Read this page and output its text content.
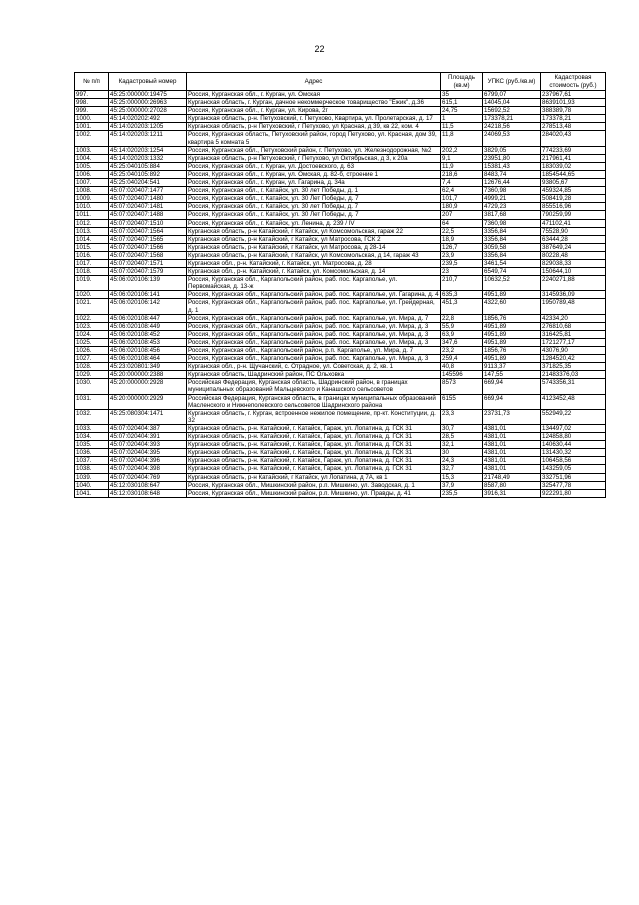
22
№ п/п	Кадастровый номер	Адрес	Площадь (кв.м)	УПКС (руб./кв.м)	Кадастровая стоимость (руб.)
997.	45:25:000000:19475	Россия, Курганская обл., г. Курган, ул. Омская	35	6799,07	237967,61
998.	45:25:000000:26963	Курганская область, г. Курган, дачное некоммерческое товарищество "Ежик", д.36	615,1	14045,04	8639101,93
999.	45:25:000000:27028	Россия, Курганская обл., г. Курган, ул. Кирова, 2г	24,75	15692,52	388389,78
1000.	45:14:020202:492	Курганская область, р-н. Петуховский, г. Петухово, Квартира, ул. Пролетарская, д. 17	1	173378,21	173378,21
1001.	45:14:020203:1205	Курганская область, р-н Петуховский, г Петухово, ул Красная, д 39, кв 22, ком. 4	11,5	24218,56	278513,48
1002.	45:14:020203:1211	Россия, Курганская область, Петуховский район, город Петухово, ул. Красная, дом 39, квартира 5 комната 5	11,8	24069,53	284020,43
1003.	45:14:020203:1254	Россия, Курганская обл., Петуховский район, г. Петухово, ул. Железнодорожная, №2	202,2	3829,05	774233,69
1004.	45:14:020203:1332	Курганская область, р-н Петуховский, г Петухово, ул Октябрьская, д 3, к 20а	9,1	23951,80	217961,41
1005.	45:25:040105:884	Россия, Курганская обл., г. Курган, ул. Достоевского, д. 63	11,9	15381,43	183039,02
1006.	45:25:040105:892	Россия, Курганская обл., г. Курган, ул. Омская, д. 82-б, строение 1	218,6	8483,74	1854544,65
1007.	45:25:040204:541	Россия, Курганская обл., г. Курган, ул. Гагарина, д. 34а	7,4	12676,44	93805,67
1008.	45:07:020407:1477	Россия, Курганская обл., г. Катайск, ул. 30 лет Победы, д. 1	62,4	7360,98	459324,85
1009.	45:07:020407:1480	Россия, Курганская обл., г. Катайск, ул. 30 Лет Победы, д. 7	101,7	4999,21	508419,28
1010.	45:07:020407:1481	Россия, Курганская обл., г. Катайск, ул. 30 лет Победы, д. 7	180,9	4729,23	855516,96
1011.	45:07:020407:1488	Россия, Курганская обл., г. Катайск, ул. 30 Лет Победы, д. 7	207	3817,68	790259,99
1012.	45:07:020407:1510	Россия, Курганская обл., г. Катайск, ул. Ленина, д. 239 / IV	64	7360,98	471102,41
1013.	45:07:020407:1564	Курганская область, р-н Катайский, г Катайск, ул Комсомольская, гараж 22	22,5	3356,84	75528,90
1014.	45:07:020407:1565	Курганская область, р-н Катайский, г Катайск, ул Матросова, ГСК 2	18,9	3356,84	63444,28
1015.	45:07:020407:1566	Курганская область, р-н Катайский, г Катайск, ул Матросова, д 28-14	126,7	3059,58	387649,24
1016.	45:07:020407:1568	Курганская область, р-н Катайский, г Катайск, ул Комсомольская, д 14, гараж 43	23,9	3356,84	80228,48
1017.	45:07:020407:1571	Курганская обл., р-н. Катайский, г. Катайск, ул. Матросова, д. 28	239,5	3461,54	829038,33
1018.	45:07:020407:1579	Курганская обл., р-н. Катайский, г. Катайск, ул. Комсомольская, д. 14	23	6549,74	150644,10
1019.	45:06:020106:139	Россия, Курганская обл., Каргапольский район, раб. пос. Каргаполье, ул. Первомайская, д. 13-ж	210,7	10632,52	2240271,88
1020.	45:06:020106:141	Россия, Курганская обл., Каргапольский район, раб. пос. Каргаполье, ул. Гагарина, д. 4	635,3	4951,89	3145936,09
1021.	45:06:020106:142	Россия, Курганская обл., Каргапольский район, раб. пос. Каргаполье, ул. Грейдерная, д. 1	451,3	4322,60	1950789,48
1022.	45:06:020108:447	Россия, Курганская обл., Каргапольский район, раб. пос. Каргаполье, ул. Мира, д. 7	22,8	1856,76	42334,20
1023.	45:06:020108:449	Россия, Курганская обл., Каргапольский район, раб. пос. Каргаполье, ул. Мира, д. 3	55,9	4951,89	276810,68
1024.	45:06:020108:452	Россия, Курганская обл., Каргапольский район, раб. пос. Каргаполье, ул. Мира, д. 3	63,9	4951,89	316425,81
1025.	45:06:020108:453	Россия, Курганская обл., Каргапольский район, раб. пос. Каргаполье, ул. Мира, д. 3	347,6	4951,89	1721277,17
1026.	45:06:020108:456	Россия, Курганская обл., Каргапольский район, р.п. Каргаполье, ул. Мира, д. 7	23,2	1856,76	43076,90
1027.	45:06:020108:464	Россия, Курганская обл., Каргапольский район, раб. пос. Каргаполье, ул. Мира, д. 3	259,4	4951,89	1284520,42
1028.	45:23:020801:349	Курганская обл., р-н. Щучанский, с. Отрадное, ул. Советская, д. 2, кв. 1	40,8	9113,37	371825,35
1029.	45:20:000000:2388	Курганская область, Шадринский район, ПС Ольховка	145596	147,55	21483376,03
1030.	45:20:000000:2928	Российская Федерация, Курганская область, Шадринский район, в границах муниципальных образований Мальцевского и Канашского сельсоветов	8573	669,94	5743356,31
1031.	45:20:000000:2929	Российская Федерация, Курганская область, в границах муниципальных образований Масленского и Нижнеполевского сельсоветов Шадринского района	6155	669,94	4123452,48
1032.	45:25:080304:1471	Курганская область, г. Курган, встроенное нежилое помещение, пр-кт. Конституции, д. 32	23,3	23731,73	552949,22
1033.	45:07:020404:387	Курганская область, р-н. Катайский, г. Катайск, Гараж, ул. Лопатина, д. ГСК 31	30,7	4381,01	134497,02
1034.	45:07:020404:391	Курганская область, р-н. Катайский, г. Катайск, Гараж, ул. Лопатина, д. ГСК 31	28,5	4381,01	124858,80
1035.	45:07:020404:393	Курганская область, р-н. Катайский, г. Катайск, Гараж, ул. Лопатина, д. ГСК 31	32,1	4381,01	140630,44
1036.	45:07:020404:395	Курганская область, р-н. Катайский, г. Катайск, Гараж, ул. Лопатина, д. ГСК 31	30	4381,01	131430,32
1037.	45:07:020404:396	Курганская область, р-н. Катайский, г. Катайск, Гараж, ул. Лопатина, д. ГСК 31	24,3	4381,01	106458,56
1038.	45:07:020404:398	Курганская область, р-н. Катайский, г. Катайск, Гараж, ул. Лопатина, д. ГСК 31	32,7	4381,01	143259,05
1039.	45:07:020404:769	Курганская область, р-н Катайский, г Катайск, ул Лопатина, д 7А, кв 1	15,3	21748,49	332751,96
1040.	45:12:030108:647	Россия, Курганская обл., Мишкинский район, р.п. Мишкино, ул. Заводская, д. 1	37,9	8587,80	325477,78
1041.	45:12:030108:648	Россия, Курганская обл., Мишкинский район, р.п. Мишкино, ул. Правды, д. 41	235,5	3916,31	922291,80
